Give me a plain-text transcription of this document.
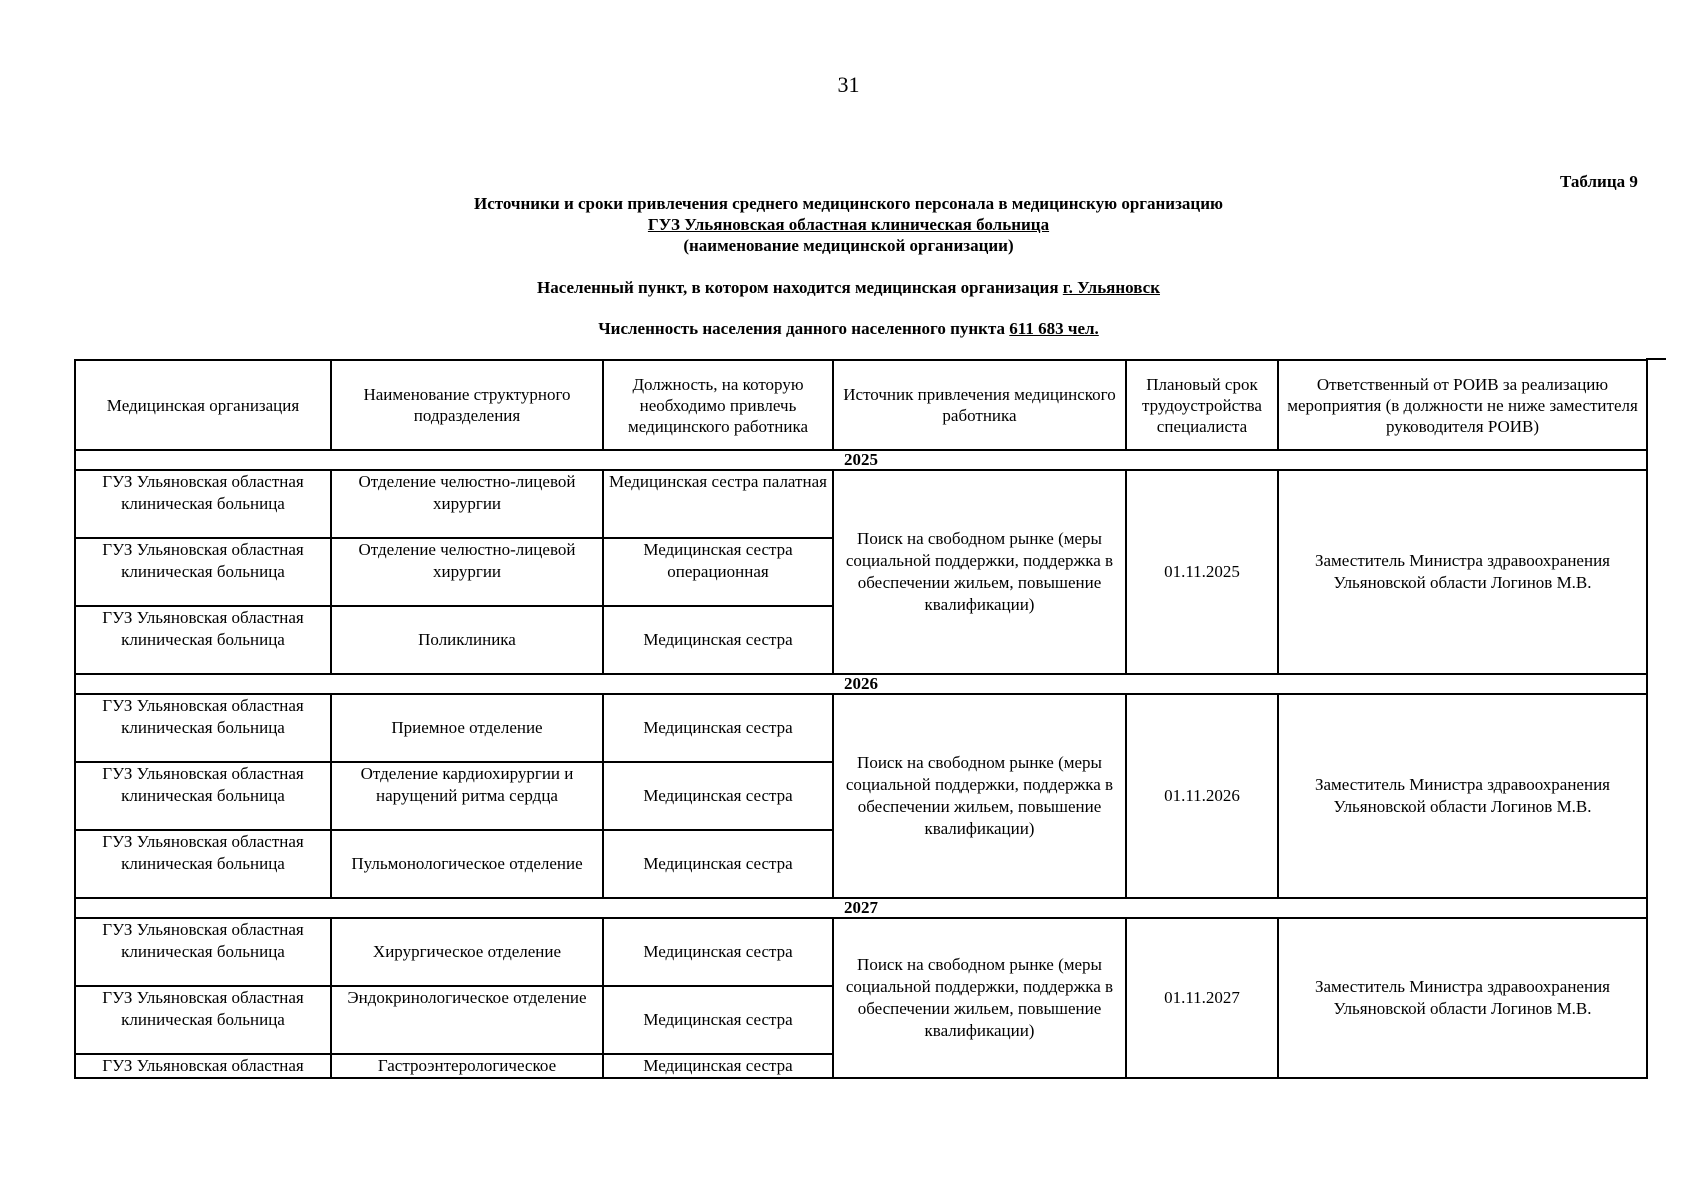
31
Таблица 9
Источники и сроки привлечения среднего медицинского персонала в медицинскую организацию
ГУЗ Ульяновская областная клиническая больница
(наименование медицинской организации)
Населенный пункт, в котором находится медицинская организация г. Ульяновск
Численность населения данного населенного пункта 611 683 чел.
Медицинская организация	Наименование структурного подразделения	Должность, на которую необходимо привлечь медицинского работника	Источник привлечения медицинского работника	Плановый срок трудоустройства специалиста	Ответственный от РОИВ за реализацию мероприятия (в должности не ниже заместителя руководителя РОИВ)
2025					
ГУЗ Ульяновская областная клиническая больница	Отделение челюстно-лицевой хирургии	Медицинская сестра палатная	Поиск на свободном рынке (меры социальной поддержки, поддержка в обеспечении жильем, повышение квалификации)	01.11.2025	Заместитель Министра здравоохранения Ульяновской области Логинов М.В.
ГУЗ Ульяновская областная клиническая больница	Отделение челюстно-лицевой хирургии	Медицинская сестра операционная			
ГУЗ Ульяновская областная клиническая больница	Поликлиника	Медицинская сестра			
2026					
ГУЗ Ульяновская областная клиническая больница	Приемное отделение	Медицинская сестра	Поиск на свободном рынке (меры социальной поддержки, поддержка в обеспечении жильем, повышение квалификации)	01.11.2026	Заместитель Министра здравоохранения Ульяновской области Логинов М.В.
ГУЗ Ульяновская областная клиническая больница	Отделение кардиохирургии и нарущений ритма сердца	Медицинская сестра			
ГУЗ Ульяновская областная клиническая больница	Пульмонологическое отделение	Медицинская сестра			
2027					
ГУЗ Ульяновская областная клиническая больница	Хирургическое отделение	Медицинская сестра	Поиск на свободном рынке (меры социальной поддержки, поддержка в обеспечении жильем, повышение квалификации)	01.11.2027	Заместитель Министра здравоохранения Ульяновской области Логинов М.В.
ГУЗ Ульяновская областная клиническая больница	Эндокринологическое отделение	Медицинская сестра			
ГУЗ Ульяновская областная	Гастроэнтерологическое	Медицинская сестра			
